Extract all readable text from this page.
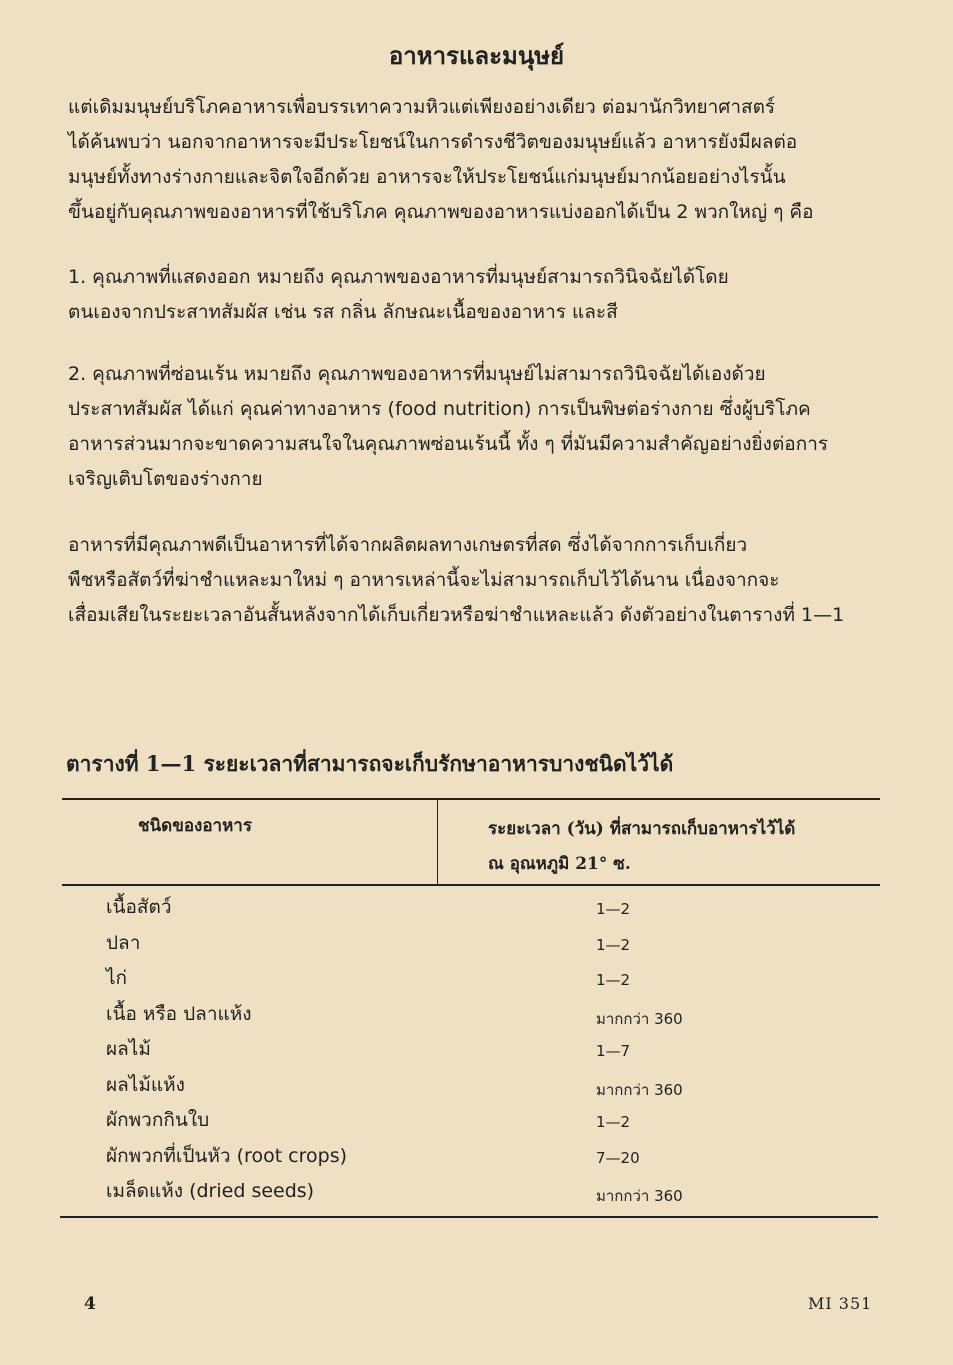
อาหารและมนุษย์
แต่เดิมมนุษย์บริโภคอาหารเพื่อบรรเทาความหิวแต่เพียงอย่างเดียว ต่อมานักวิทยาศาสตร์
ได้ค้นพบว่า นอกจากอาหารจะมีประโยชน์ในการดำรงชีวิตของมนุษย์แล้ว อาหารยังมีผลต่อ
มนุษย์ทั้งทางร่างกายและจิตใจอีกด้วย อาหารจะให้ประโยชน์แก่มนุษย์มากน้อยอย่างไรนั้น
ขึ้นอยู่กับคุณภาพของอาหารที่ใช้บริโภค คุณภาพของอาหารแบ่งออกได้เป็น 2 พวกใหญ่ ๆ คือ
1. คุณภาพที่แสดงออก หมายถึง คุณภาพของอาหารที่มนุษย์สามารถวินิจฉัยได้โดย
ตนเองจากประสาทสัมผัส เช่น รส กลิ่น ลักษณะเนื้อของอาหาร และสี
2. คุณภาพที่ซ่อนเร้น หมายถึง คุณภาพของอาหารที่มนุษย์ไม่สามารถวินิจฉัยได้เองด้วย
ประสาทสัมผัส ได้แก่ คุณค่าทางอาหาร (food nutrition) การเป็นพิษต่อร่างกาย ซึ่งผู้บริโภค
อาหารส่วนมากจะขาดความสนใจในคุณภาพซ่อนเร้นนี้ ทั้ง ๆ ที่มันมีความสำคัญอย่างยิ่งต่อการ
เจริญเติบโตของร่างกาย
อาหารที่มีคุณภาพดีเป็นอาหารที่ได้จากผลิตผลทางเกษตรที่สด ซึ่งได้จากการเก็บเกี่ยว
พืชหรือสัตว์ที่ฆ่าชำแหละมาใหม่ ๆ อาหารเหล่านี้จะไม่สามารถเก็บไว้ได้นาน เนื่องจากจะ
เสื่อมเสียในระยะเวลาอันสั้นหลังจากได้เก็บเกี่ยวหรือฆ่าชำแหละแล้ว ดังตัวอย่างในตารางที่ 1—1
ตารางที่ 1—1 ระยะเวลาที่สามารถจะเก็บรักษาอาหารบางชนิดไว้ได้
ชนิดของอาหาร	ระยะเวลา (วัน) ที่สามารถเก็บอาหารไว้ได้
ณ อุณหภูมิ 21° ซ.
เนื้อสัตว์	1—2
ปลา	1—2
ไก่	1—2
เนื้อ หรือ ปลาแห้ง	มากกว่า 360
ผลไม้	1—7
ผลไม้แห้ง	มากกว่า 360
ผักพวกกินใบ	1—2
ผักพวกที่เป็นหัว (root crops)	7—20
เมล็ดแห้ง (dried seeds)	มากกว่า 360
4	MI 351
